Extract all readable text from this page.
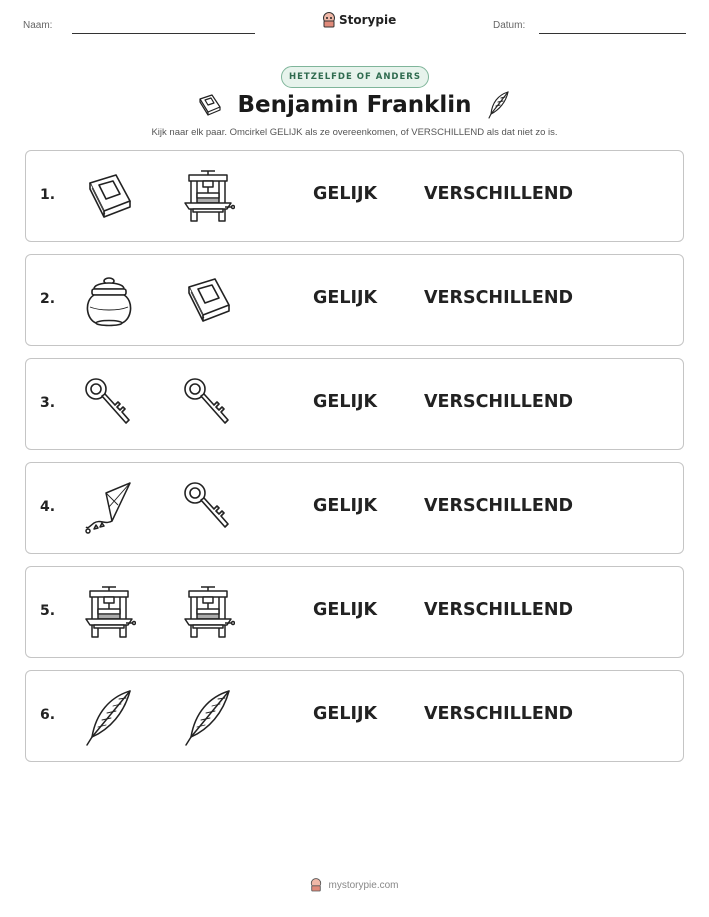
Naam:	Storypie	Datum:
HETZELFDE OF ANDERS
Benjamin Franklin
Kijk naar elk paar. Omcirkel GELIJK als ze overeenkomen, of VERSCHILLEND als dat niet zo is.
1.	GELIJK	VERSCHILLEND
2.	GELIJK	VERSCHILLEND
3.	GELIJK	VERSCHILLEND
4.	GELIJK	VERSCHILLEND
5.	GELIJK	VERSCHILLEND
6.	GELIJK	VERSCHILLEND
mystorypie.com
